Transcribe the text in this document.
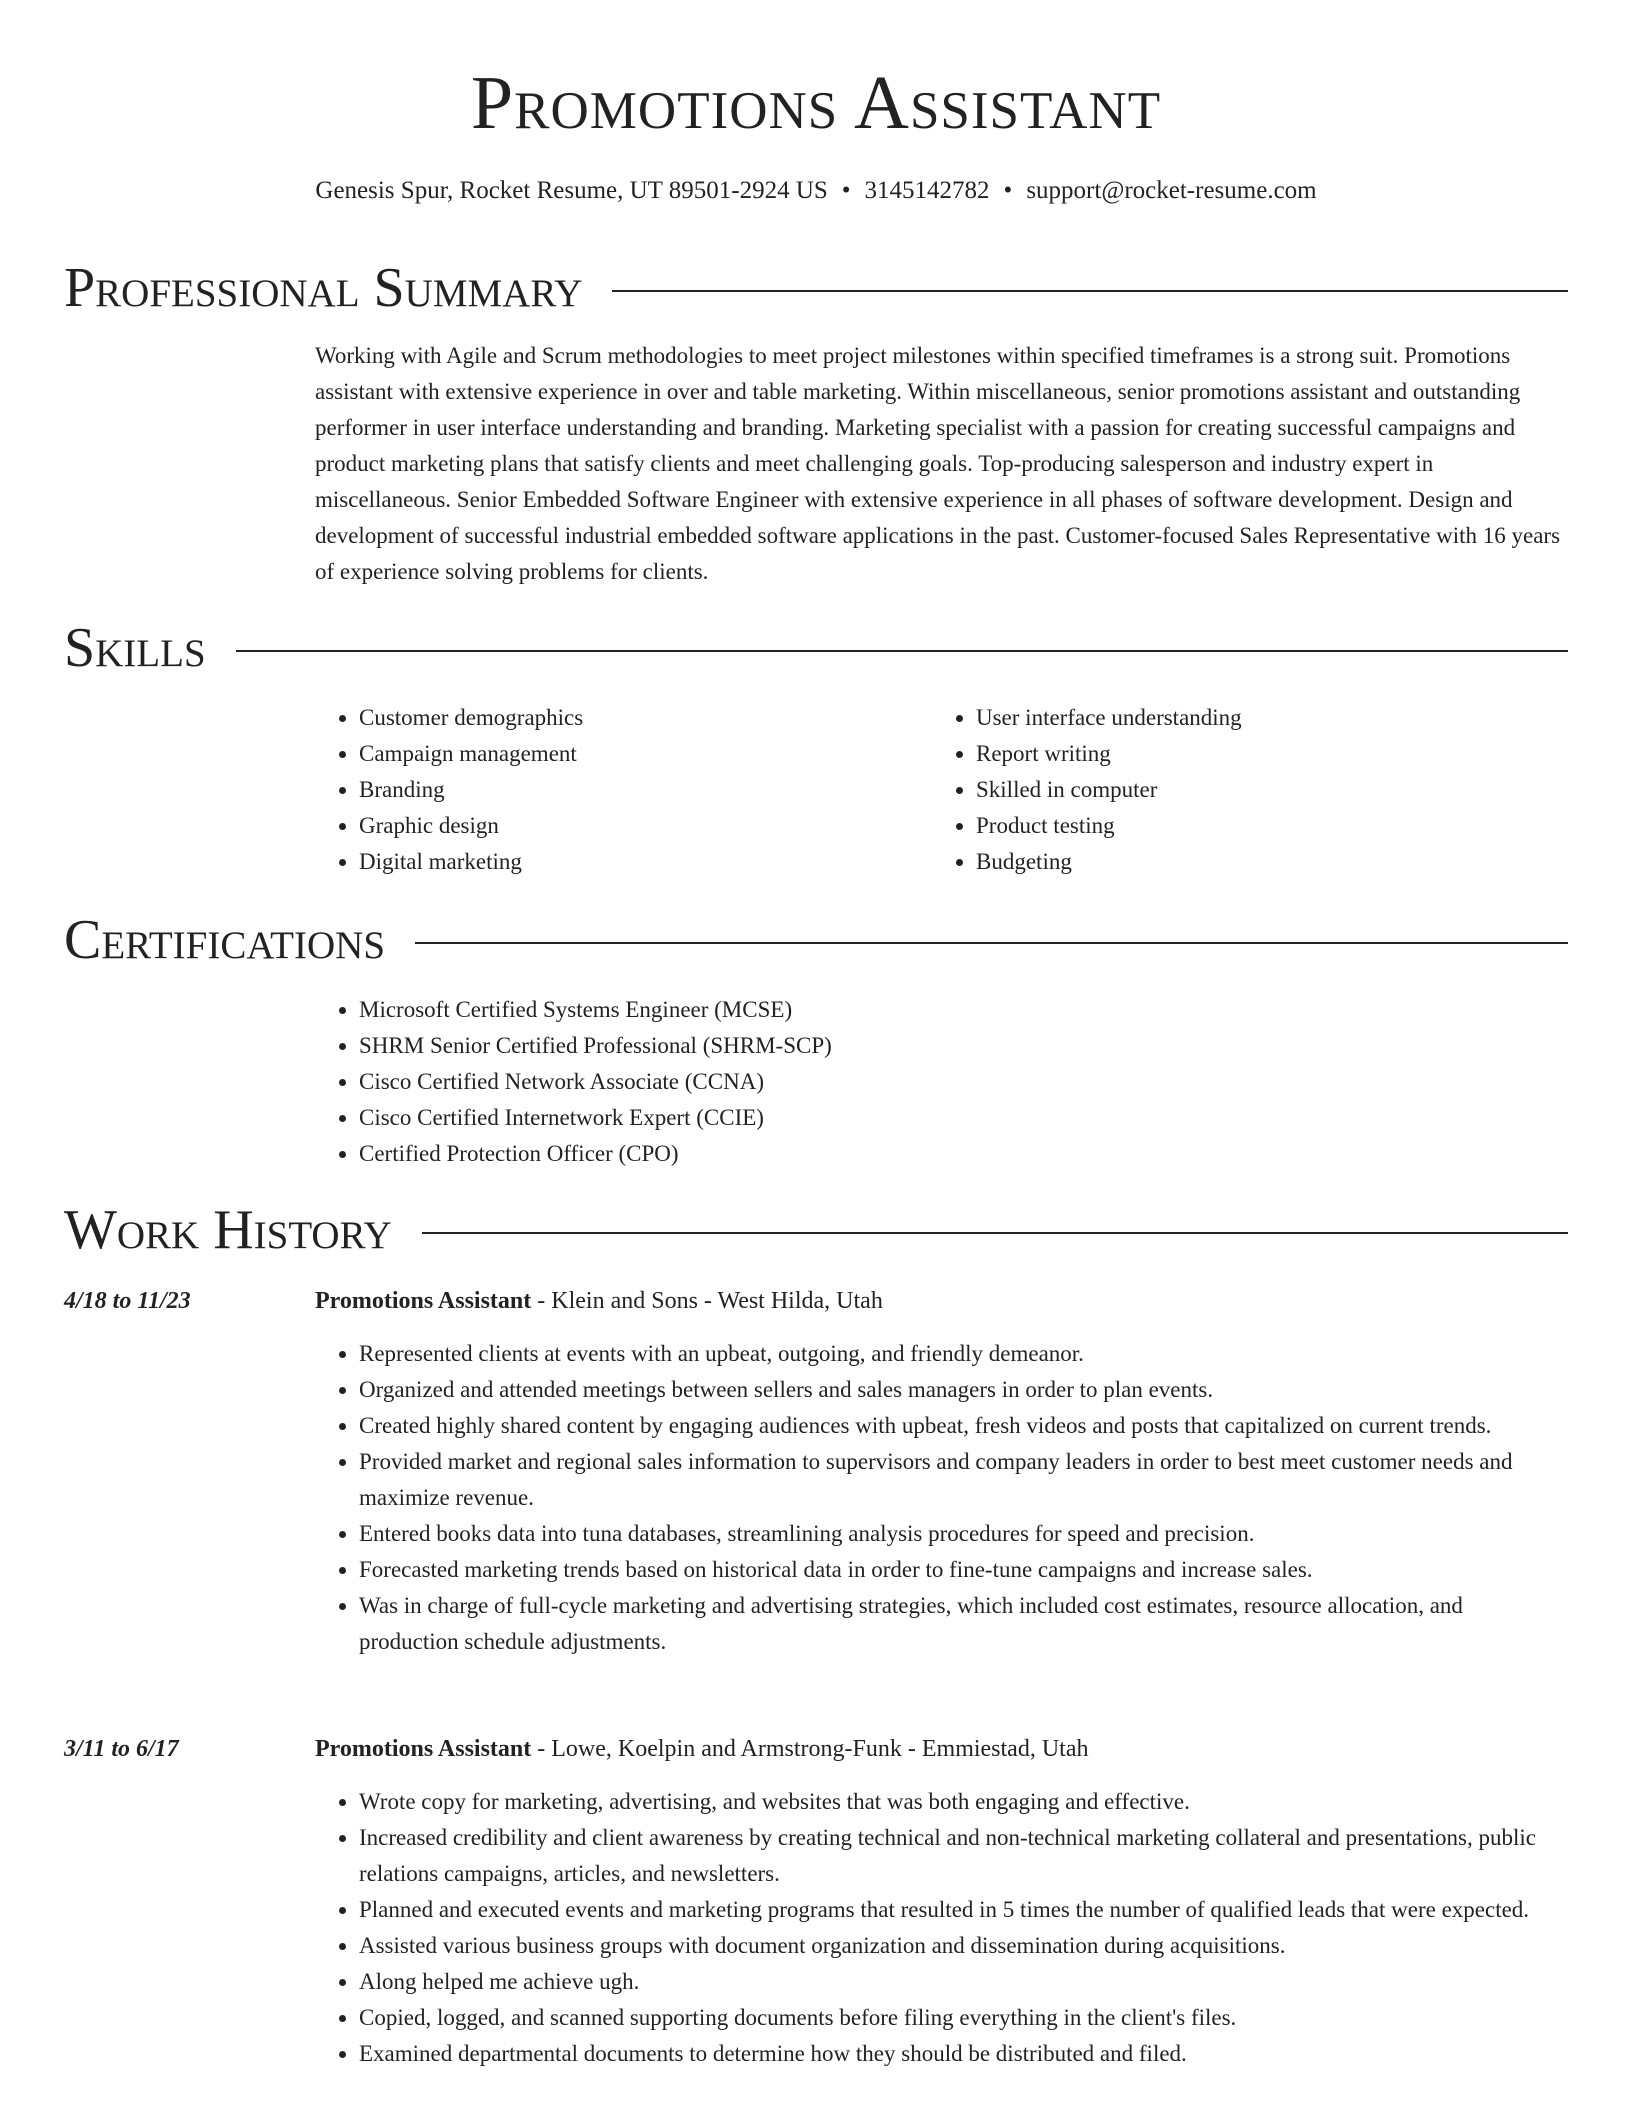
Promotions Assistant
Genesis Spur, Rocket Resume, UT 89501-2924 US • 3145142782 • support@rocket-resume.com
Professional Summary

Working with Agile and Scrum methodologies to meet project milestones within specified timeframes is a strong suit. Promotions assistant with extensive experience in over and table marketing. Within miscellaneous, senior promotions assistant and outstanding performer in user interface understanding and branding. Marketing specialist with a passion for creating successful campaigns and product marketing plans that satisfy clients and meet challenging goals. Top-producing salesperson and industry expert in miscellaneous. Senior Embedded Software Engineer with extensive experience in all phases of software development. Design and development of successful industrial embedded software applications in the past. Customer-focused Sales Representative with 16 years of experience solving problems for clients.

Skills
• Customer demographics
• Campaign management
• Branding
• Graphic design
• Digital marketing
• User interface understanding
• Report writing
• Skilled in computer
• Product testing
• Budgeting
Certifications
• Microsoft Certified Systems Engineer (MCSE)
• SHRM Senior Certified Professional (SHRM-SCP)
• Cisco Certified Network Associate (CCNA)
• Cisco Certified Internetwork Expert (CCIE)
• Certified Protection Officer (CPO)
Work History
4/18 to 11/23	Promotions Assistant - Klein and Sons - West Hilda, Utah
• Represented clients at events with an upbeat, outgoing, and friendly demeanor.
• Organized and attended meetings between sellers and sales managers in order to plan events.
• Created highly shared content by engaging audiences with upbeat, fresh videos and posts that capitalized on current trends.
• Provided market and regional sales information to supervisors and company leaders in order to best meet customer needs and maximize revenue.
• Entered books data into tuna databases, streamlining analysis procedures for speed and precision.
• Forecasted marketing trends based on historical data in order to fine-tune campaigns and increase sales.
• Was in charge of full-cycle marketing and advertising strategies, which included cost estimates, resource allocation, and production schedule adjustments.
3/11 to 6/17	Promotions Assistant - Lowe, Koelpin and Armstrong-Funk - Emmiestad, Utah
• Wrote copy for marketing, advertising, and websites that was both engaging and effective.
• Increased credibility and client awareness by creating technical and non-technical marketing collateral and presentations, public relations campaigns, articles, and newsletters.
• Planned and executed events and marketing programs that resulted in 5 times the number of qualified leads that were expected.
• Assisted various business groups with document organization and dissemination during acquisitions.
• Along helped me achieve ugh.
• Copied, logged, and scanned supporting documents before filing everything in the client's files.
• Examined departmental documents to determine how they should be distributed and filed.
